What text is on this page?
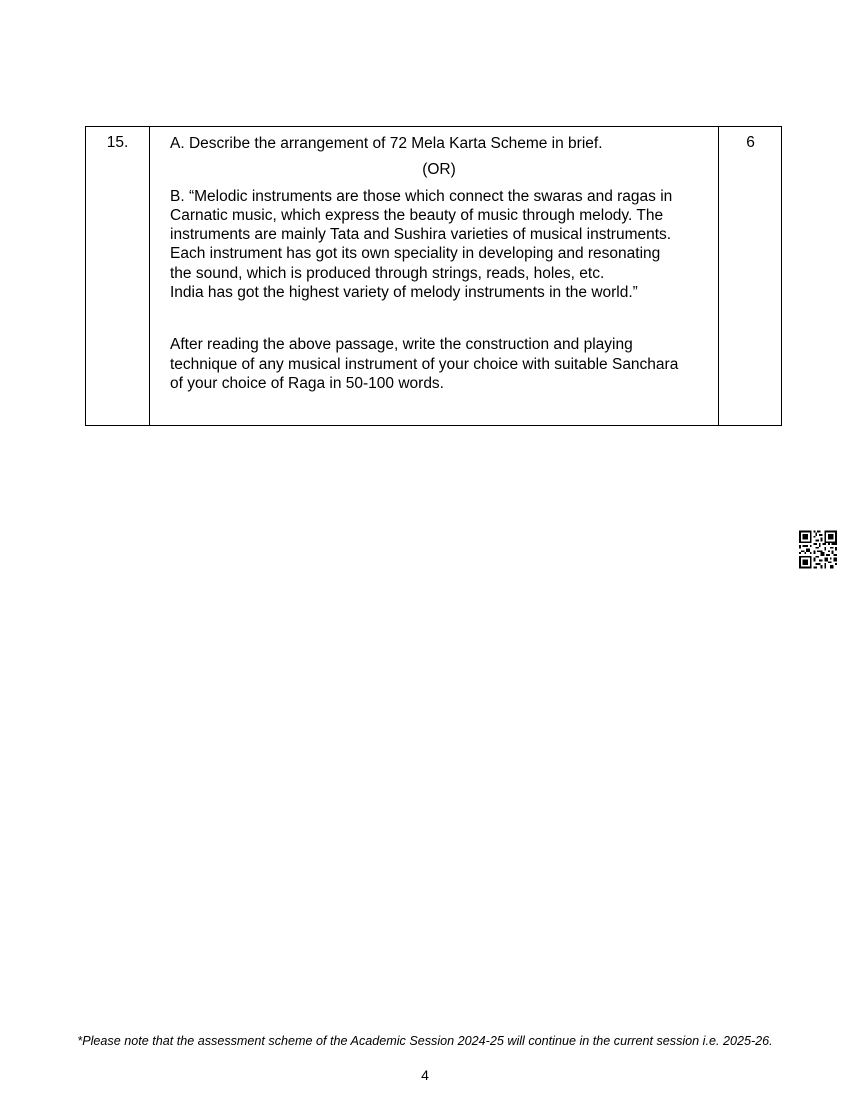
15.	6
A. Describe the arrangement of 72 Mela Karta Scheme in brief.
(OR)
B. “Melodic instruments are those which connect the swaras and ragas in
Carnatic music, which express the beauty of music through melody. The
instruments are mainly Tata and Sushira varieties of musical instruments.
Each instrument has got its own speciality in developing and resonating
the sound, which is produced through strings, reads, holes, etc.
India has got the highest variety of melody instruments in the world.”
After reading the above passage, write the construction and playing
technique of any musical instrument of your choice with suitable Sanchara
of your choice of Raga in 50-100 words.
*Please note that the assessment scheme of the Academic Session 2024-25 will continue in the current session i.e. 2025-26.
4
